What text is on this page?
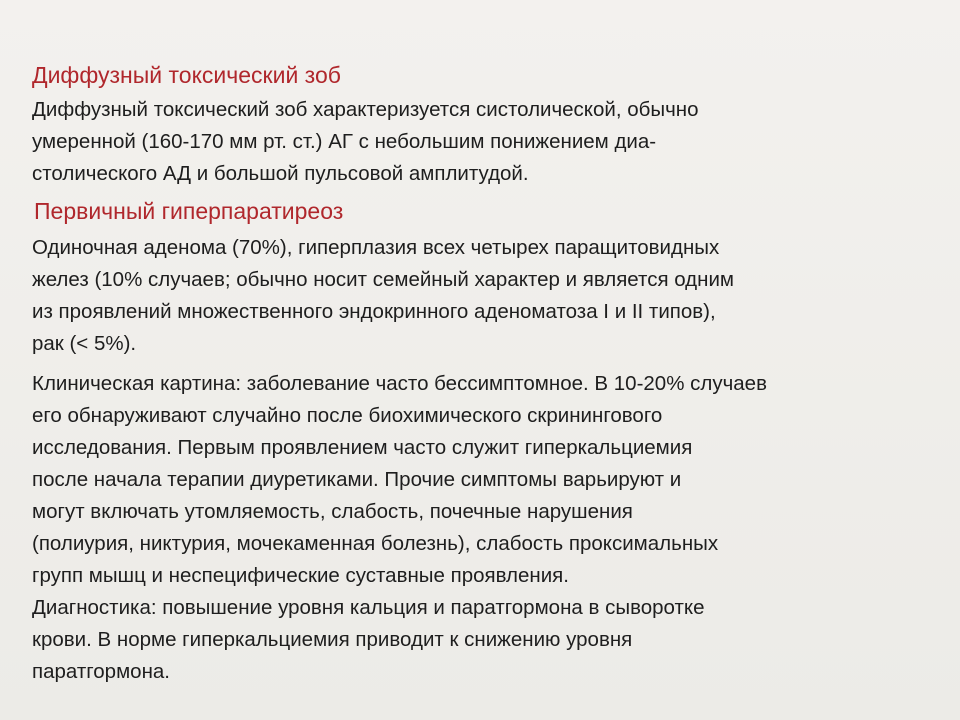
Диффузный токсический зоб

Диффузный токсический зоб характеризуется систолической, обычно
умеренной (160-170 мм рт. ст.) АГ с небольшим понижением диа-
столического АД и большой пульсовой амплитудой.

Первичный гиперпаратиреоз

Одиночная аденома (70%), гиперплазия всех четырех паращитовидных
желез (10% случаев; обычно носит семейный характер и является одним
из проявлений множественного эндокринного аденоматоза I и II типов),
рак (< 5%).

Клиническая картина: заболевание часто бессимптомное. В 10-20% случаев
его обнаруживают случайно после биохимического скринингового
исследования. Первым проявлением часто служит гиперкальциемия
после начала терапии диуретиками. Прочие симптомы варьируют и
могут включать утомляемость, слабость, почечные нарушения
(полиурия, никтурия, мочекаменная болезнь), слабость проксимальных
групп мышц и неспецифические суставные проявления.
Диагностика: повышение уровня кальция и паратгормона в сыворотке
крови. В норме гиперкальциемия приводит к снижению уровня
паратгормона.
